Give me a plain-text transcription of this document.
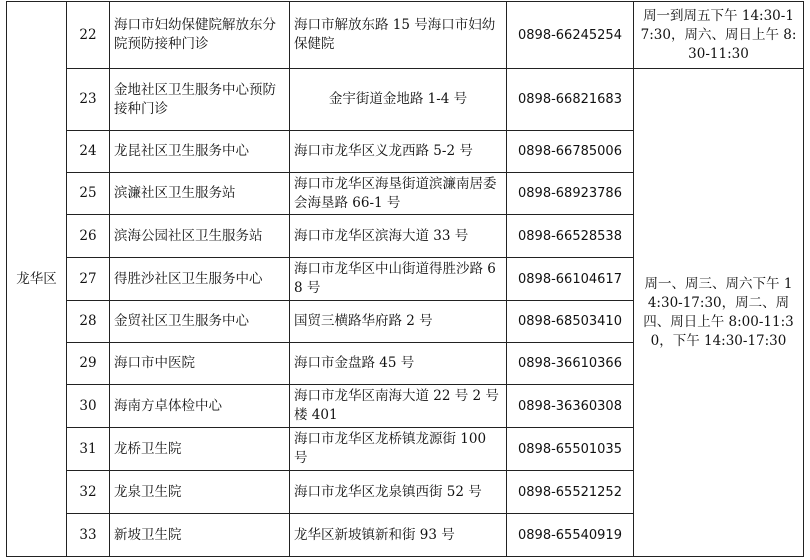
龙华区	22	海口市妇幼保健院解放东分院预防接种门诊	海口市解放东路 15 号海口市妇幼保健院	0898-66245254	周一到周五下午 14:30-17:30，周六、周日上午 8:30-11:30
	23	金地社区卫生服务中心预防接种门诊	金宇街道金地路 1-4 号	0898-66821683	周一、周三、周六下午 14:30-17:30，周二、周四、周日上午 8:00-11:30，下午 14:30-17:30
	24	龙昆社区卫生服务中心	海口市龙华区义龙西路 5-2 号	0898-66785006	
	25	滨濂社区卫生服务站	海口市龙华区海垦街道滨濂南居委会海垦路 66-1 号	0898-68923786	
	26	滨海公园社区卫生服务站	海口市龙华区滨海大道 33 号	0898-66528538	
	27	得胜沙社区卫生服务中心	海口市龙华区中山街道得胜沙路 68 号	0898-66104617	
	28	金贸社区卫生服务中心	国贸三横路华府路 2 号	0898-68503410	
	29	海口市中医院	海口市金盘路 45 号	0898-36610366	
	30	海南方卓体检中心	海口市龙华区南海大道 22 号 2 号楼 401	0898-36360308	
	31	龙桥卫生院	海口市龙华区龙桥镇龙源街 100 号	0898-65501035	
	32	龙泉卫生院	海口市龙华区龙泉镇西街 52 号	0898-65521252	
	33	新坡卫生院	龙华区新坡镇新和街 93 号	0898-65540919	
